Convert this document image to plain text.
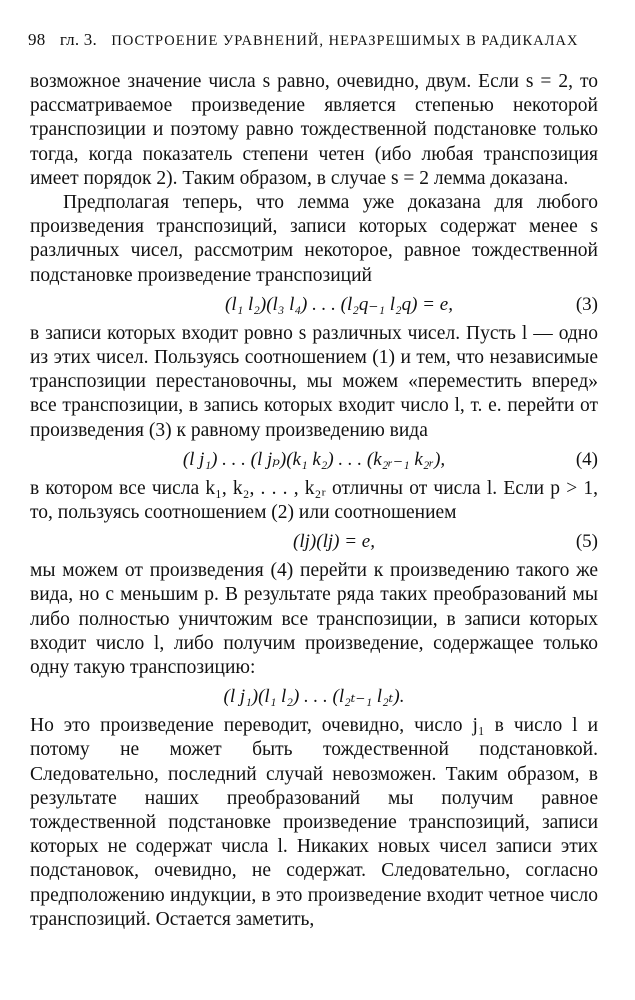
98 гл. 3. ПОСТРОЕНИЕ УРАВНЕНИЙ, НЕРАЗРЕШИМЫХ В РАДИКАЛАХ

возможное значение числа s равно, очевидно, двум. Если s = 2, то рассматриваемое произведение является степенью некоторой транспозиции и поэтому равно тождественной подстановке только тогда, когда показатель степени четен (ибо любая транспозиция имеет порядок 2). Таким образом, в случае s = 2 лемма доказана.

Предполагая теперь, что лемма уже доказана для любого произведения транспозиций, записи которых содержат менее s различных чисел, рассмотрим некоторое, равное тождественной подстановке произведение транспозиций

(l₁ l₂)(l₃ l₄) . . . (l₂q₋₁ l₂q) = e,	(3)

в записи которых входит ровно s различных чисел. Пусть l — одно из этих чисел. Пользуясь соотношением (1) и тем, что независимые транспозиции перестановочны, мы можем «переместить вперед» все транспозиции, в запись которых входит число l, т. е. перейти от произведения (3) к равному произведению вида

(l j₁) . . . (l jₚ)(k₁ k₂) . . . (k₂ᵣ₋₁ k₂ᵣ),	(4)

в котором все числа k₁, k₂, . . . , k₂ᵣ отличны от числа l. Если p > 1, то, пользуясь соотношением (2) или соотношением

(lj)(lj) = e,	(5)

мы можем от произведения (4) перейти к произведению такого же вида, но с меньшим p. В результате ряда таких преобразований мы либо полностью уничтожим все транспозиции, в записи которых входит число l, либо получим произведение, содержащее только одну такую транспозицию:

(l j₁)(l₁ l₂) . . . (l₂ₜ₋₁ l₂ₜ).

Но это произведение переводит, очевидно, число j₁ в число l и потому не может быть тождественной подстановкой. Следовательно, последний случай невозможен. Таким образом, в результате наших преобразований мы получим равное тождественной подстановке произведение транспозиций, записи которых не содержат числа l. Никаких новых чисел записи этих подстановок, очевидно, не содержат. Следовательно, согласно предположению индукции, в это произведение входит четное число транспозиций. Остается заметить,
